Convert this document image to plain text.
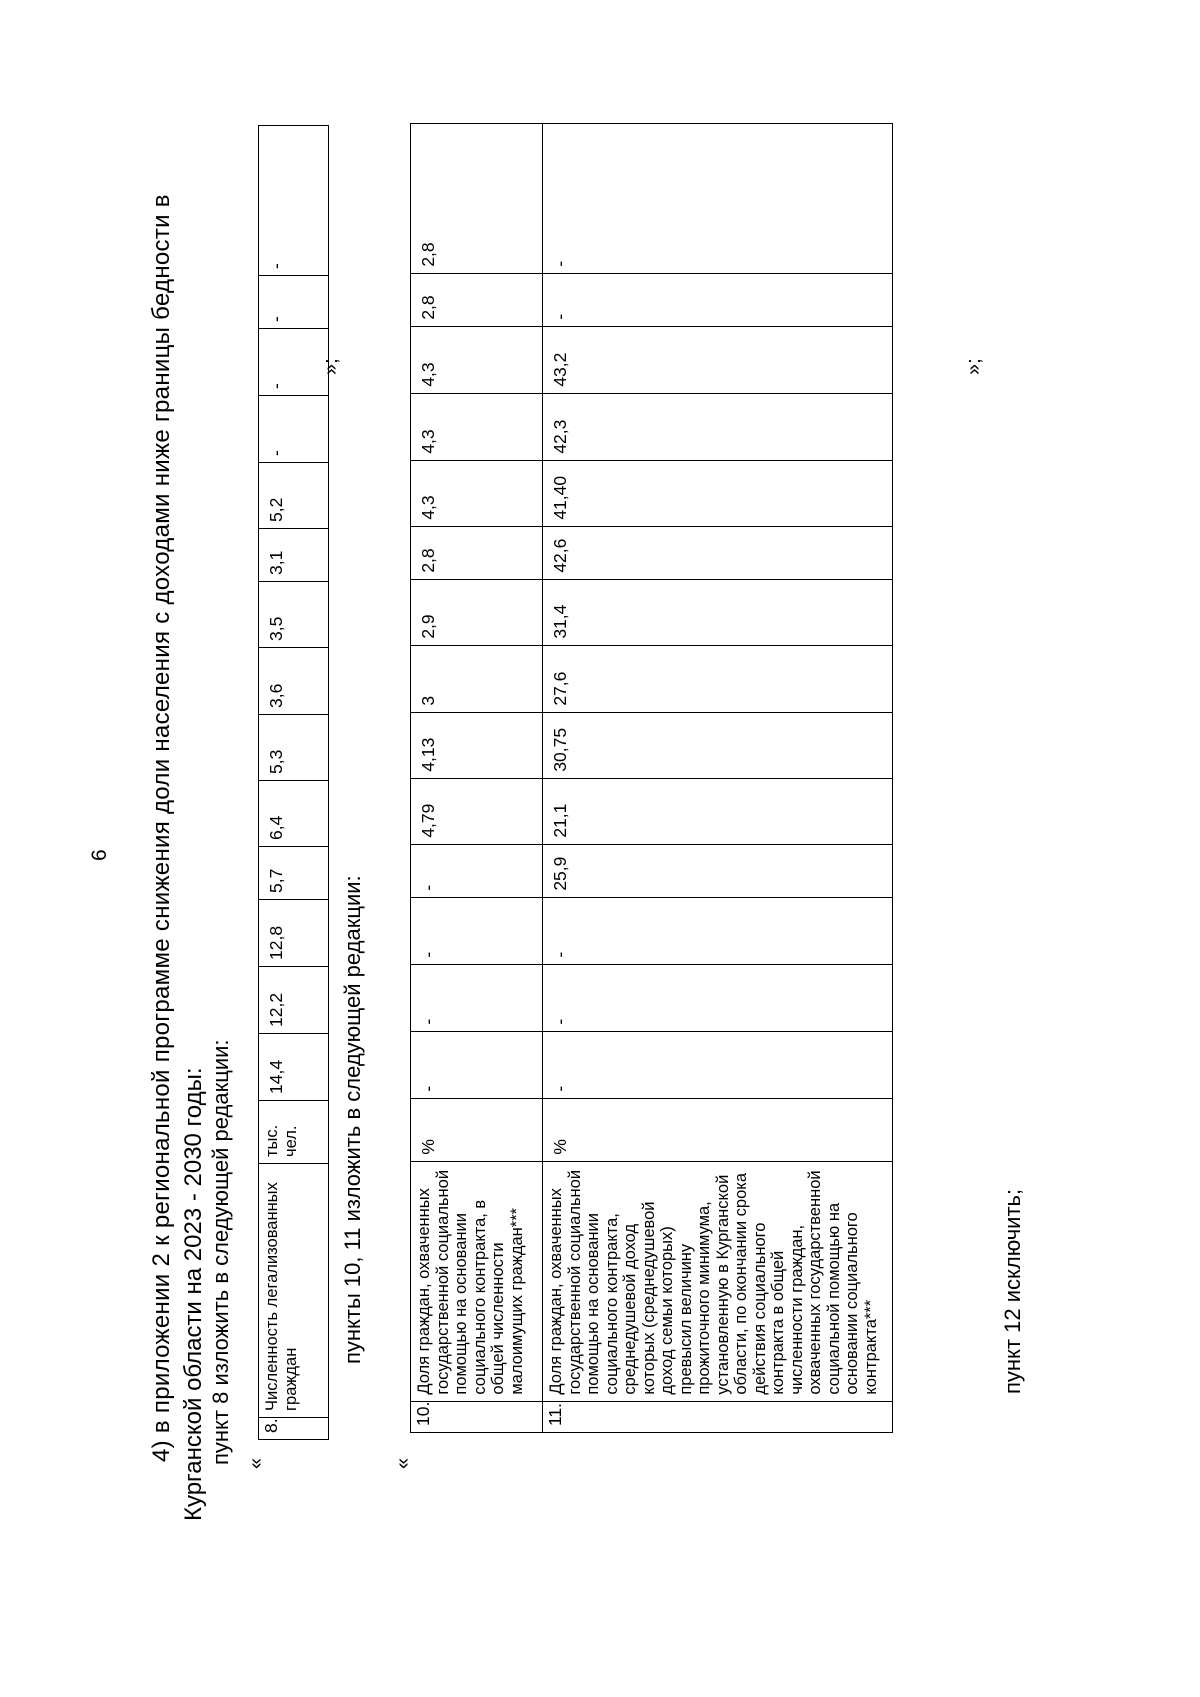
6 4) в приложении 2 к региональной программе снижения доли населения с доходами ниже границы бедности в Курганской области на 2023 - 2030 годы: пункт 8 изложить в следующей редакции: «
8.	Численность легализованных граждан	тыс. чел.	14,4	12,2	12,8	5,7	6,4	5,3	3,6	3,5	3,1	5,2	-	-	-	-
»;
пункты 10, 11 изложить в следующей редакции:
«
10.	Доля граждан, охваченных государственной социальной помощью на основании социального контракта, в общей численности малоимущих граждан***	%	-	-	-	-	4,79	4,13	3	2,9	2,8	4,3	4,3	4,3	2,8	2,8
11.	Доля граждан, охваченных государственной социальной помощью на основании социального контракта, среднедушевой доход которых (среднедушевой доход семьи которых) превысил величину прожиточного минимума, установленную в Курганской области, по окончании срока действия социального контракта в общей численности граждан, охваченных государственной социальной помощью на основании социального контракта***	%	-	-	-	25,9	21,1	30,75	27,6	31,4	42,6	41,40	42,3	43,2	-	-
»;
пункт 12 исключить;
